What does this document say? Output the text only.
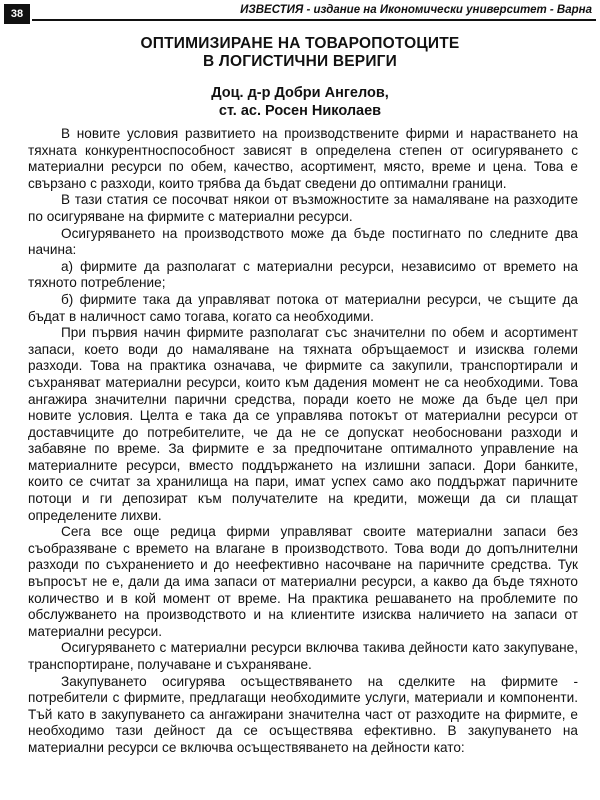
38	ИЗВЕСТИЯ - издание на Икономически университет - Варна
ОПТИМИЗИРАНЕ НА ТОВАРОПОТОЦИТЕ
В ЛОГИСТИЧНИ ВЕРИГИ
Доц. д-р Добри Ангелов,
ст. ас. Росен Николаев

В новите условия развитието на производствените фирми и нарастването на тяхната конкурентноспособност зависят в определена степен от осигуряването с материални ресурси по обем, качество, асортимент, място, време и цена. Това е свързано с разходи, които трябва да бъдат сведени до оптимални граници.

В тази статия се посочват някои от възможностите за намаляване на разходите по осигуряване на фирмите с материални ресурси.

Осигуряването на производството може да бъде постигнато по следните два начина:

а) фирмите да разполагат с материални ресурси, независимо от времето на тяхното потребление;

б) фирмите така да управляват потока от материални ресурси, че същите да бъдат в наличност само тогава, когато са необходими.

При първия начин фирмите разполагат със значителни по обем и асортимент запаси, което води до намаляване на тяхната обръщаемост и изисква големи разходи. Това на практика означава, че фирмите са закупили, транспортирали и съхраняват материални ресурси, които към дадения момент не са необходими. Това ангажира значителни парични средства, поради което не може да бъде цел при новите условия. Целта е така да се управлява потокът от материални ресурси от доставчиците до потребителите, че да не се допускат необосновани разходи и забавяне по време. За фирмите е за предпочитане оптималното управление на материалните ресурси, вместо поддържането на излишни запаси. Дори банките, които се считат за хранилища на пари, имат успех само ако поддържат паричните потоци и ги депозират към получателите на кредити, можещи да си плащат определените лихви.

Сега все още редица фирми управляват своите материални запаси без съобразяване с времето на влагане в производството. Това води до допълнителни разходи по съхранението и до неефективно насочване на паричните средства. Тук въпросът не е, дали да има запаси от материални ресурси, а какво да бъде тяхното количество и в кой момент от време. На практика решаването на проблемите по обслужването на производството и на клиентите изисква наличието на запаси от материални ресурси.

Осигуряването с материални ресурси включва такива дейности като закупуване, транспортиране, получаване и съхраняване.

Закупуването осигурява осъществяването на сделките на фирмите - потребители с фирмите, предлагащи необходимите услуги, материали и компоненти. Тъй като в закупуването са ангажирани значителна част от разходите на фирмите, е необходимо тази дейност да се осъществява ефективно. В закупуването на материални ресурси се включва осъществяването на дейности като:
